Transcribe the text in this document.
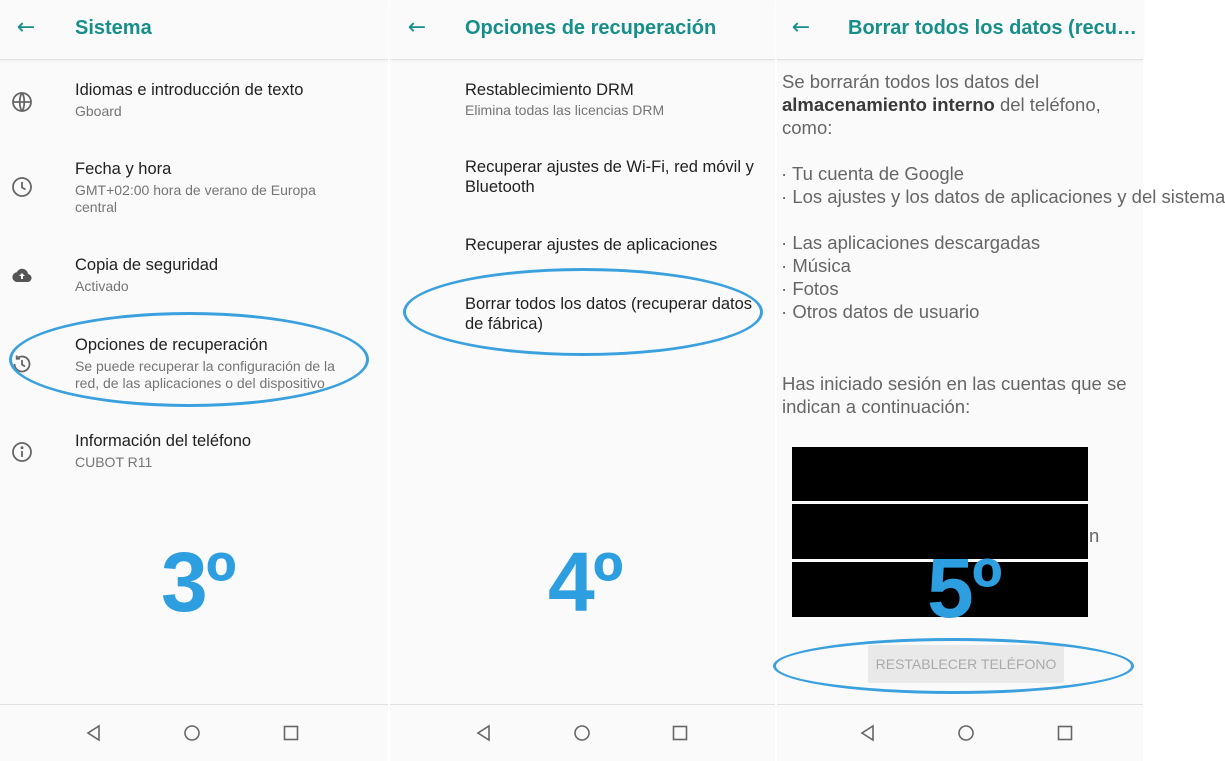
← Sistema
Idiomas e introducción de texto
Gboard
Fecha y hora
GMT+02:00 hora de verano de Europa central
Copia de seguridad
Activado
Opciones de recuperación
Se puede recuperar la configuración de la red, de las aplicaciones o del dispositivo
Información del teléfono
CUBOT R11
3º
← Opciones de recuperación
Restablecimiento DRM
Elimina todas las licencias DRM
Recuperar ajustes de Wi-Fi, red móvil y Bluetooth
Recuperar ajustes de aplicaciones
Borrar todos los datos (recuperar datos de fábrica)
4º
← Borrar todos los datos (recu…
Se borrarán todos los datos del almacenamiento interno del teléfono, como:
· Tu cuenta de Google
· Los ajustes y los datos de aplicaciones y del sistema
· Las aplicaciones descargadas
· Música
· Fotos
· Otros datos de usuario
Has iniciado sesión en las cuentas que se indican a continuación:
n
5º
RESTABLECER TELÉFONO
